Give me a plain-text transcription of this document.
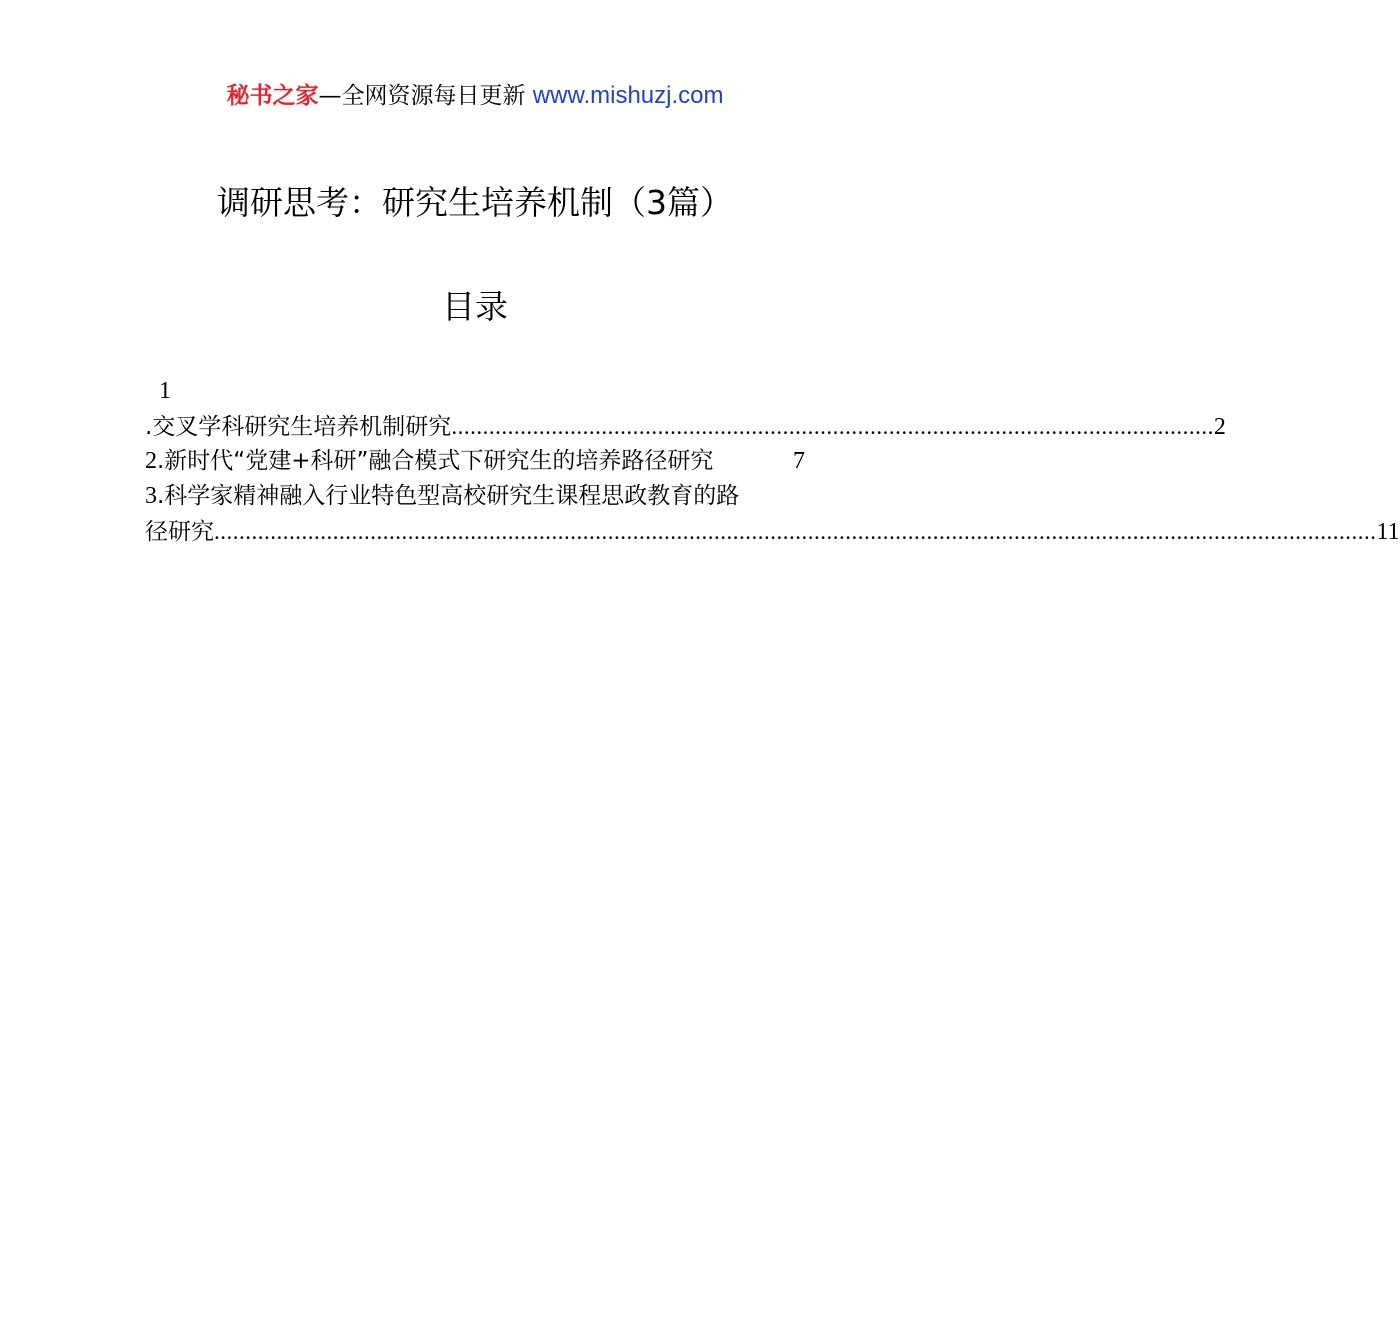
秘书之家—全网资源每日更新 www.mishuzj.com
调研思考：研究生培养机制（3篇）
目录
1
.交叉学科研究生培养机制研究 .......................................................................................................................... 2
2.新时代“党建+科研”融合模式下研究生的培养路径研究	7
3.科学家精神融入行业特色型高校研究生课程思政教育的路
径研究 .......................................................................................................................................................................................... 11
